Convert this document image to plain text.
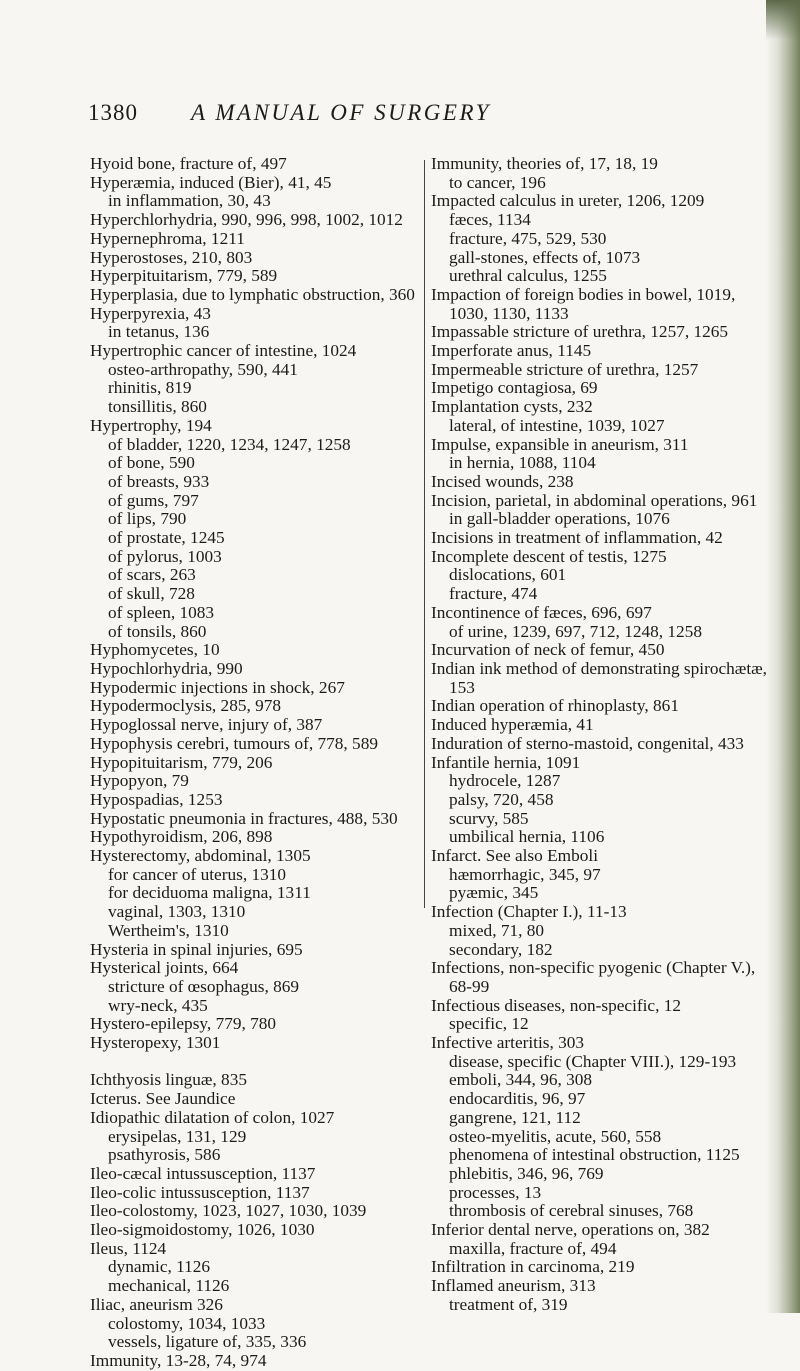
1380 A MANUAL OF SURGERY
Hyoid bone, fracture of, 497
Hyperæmia, induced (Bier), 41, 45
in inflammation, 30, 43
Hyperchlorhydria, 990, 996, 998, 1002, 1012
Hypernephroma, 1211
Hyperostoses, 210, 803
Hyperpituitarism, 779, 589
Hyperplasia, due to lymphatic obstruction, 360
Hyperpyrexia, 43
in tetanus, 136
Hypertrophic cancer of intestine, 1024
osteo-arthropathy, 590, 441
rhinitis, 819
tonsillitis, 860
Hypertrophy, 194
of bladder, 1220, 1234, 1247, 1258
of bone, 590
of breasts, 933
of gums, 797
of lips, 790
of prostate, 1245
of pylorus, 1003
of scars, 263
of skull, 728
of spleen, 1083
of tonsils, 860
Hyphomycetes, 10
Hypochlorhydria, 990
Hypodermic injections in shock, 267
Hypodermoclysis, 285, 978
Hypoglossal nerve, injury of, 387
Hypophysis cerebri, tumours of, 778, 589
Hypopituitarism, 779, 206
Hypopyon, 79
Hypospadias, 1253
Hypostatic pneumonia in fractures, 488, 530
Hypothyroidism, 206, 898
Hysterectomy, abdominal, 1305
for cancer of uterus, 1310
for deciduoma maligna, 1311
vaginal, 1303, 1310
Wertheim's, 1310
Hysteria in spinal injuries, 695
Hysterical joints, 664
stricture of œsophagus, 869
wry-neck, 435
Hystero-epilepsy, 779, 780
Hysteropexy, 1301
Ichthyosis linguæ, 835
Icterus. See Jaundice
Idiopathic dilatation of colon, 1027
erysipelas, 131, 129
psathyrosis, 586
Ileo-cæcal intussusception, 1137
Ileo-colic intussusception, 1137
Ileo-colostomy, 1023, 1027, 1030, 1039
Ileo-sigmoidostomy, 1026, 1030
Ileus, 1124
dynamic, 1126
mechanical, 1126
Iliac, aneurism 326
colostomy, 1034, 1033
vessels, ligature of, 335, 336
Immunity, 13-28, 74, 974
Immunity, theories of, 17, 18, 19
to cancer, 196
Impacted calculus in ureter, 1206, 1209
fæces, 1134
fracture, 475, 529, 530
gall-stones, effects of, 1073
urethral calculus, 1255
Impaction of foreign bodies in bowel, 1019, 1030, 1130, 1133
Impassable stricture of urethra, 1257, 1265
Imperforate anus, 1145
Impermeable stricture of urethra, 1257
Impetigo contagiosa, 69
Implantation cysts, 232
lateral, of intestine, 1039, 1027
Impulse, expansible in aneurism, 311
in hernia, 1088, 1104
Incised wounds, 238
Incision, parietal, in abdominal operations, 961
in gall-bladder operations, 1076
Incisions in treatment of inflammation, 42
Incomplete descent of testis, 1275
dislocations, 601
fracture, 474
Incontinence of fæces, 696, 697
of urine, 1239, 697, 712, 1248, 1258
Incurvation of neck of femur, 450
Indian ink method of demonstrating spirochætæ, 153
Indian operation of rhinoplasty, 861
Induced hyperæmia, 41
Induration of sterno-mastoid, congenital, 433
Infantile hernia, 1091
hydrocele, 1287
palsy, 720, 458
scurvy, 585
umbilical hernia, 1106
Infarct. See also Emboli
hæmorrhagic, 345, 97
pyæmic, 345
Infection (Chapter I.), 11-13
mixed, 71, 80
secondary, 182
Infections, non-specific pyogenic (Chapter V.), 68-99
Infectious diseases, non-specific, 12
specific, 12
Infective arteritis, 303
disease, specific (Chapter VIII.), 129-193
emboli, 344, 96, 308
endocarditis, 96, 97
gangrene, 121, 112
osteo-myelitis, acute, 560, 558
phenomena of intestinal obstruction, 1125
phlebitis, 346, 96, 769
processes, 13
thrombosis of cerebral sinuses, 768
Inferior dental nerve, operations on, 382
maxilla, fracture of, 494
Infiltration in carcinoma, 219
Inflamed aneurism, 313
treatment of, 319
